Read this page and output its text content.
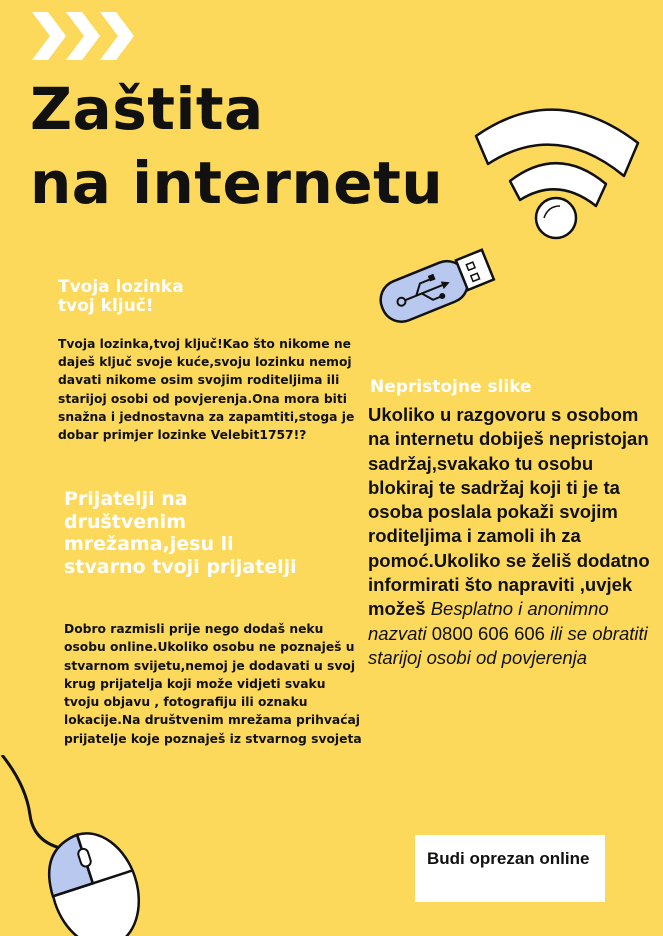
Zaštita
na internetu
Tvoja lozinka tvoj ključ!

Tvoja lozinka,tvoj ključ!Kao što nikome ne daješ ključ svoje kuće,svoju lozinku nemoj davati nikome osim svojim roditeljima ili starijoj osobi od povjerenja.Ona mora biti snažna i jednostavna za zapamtiti,stoga je dobar primjer lozinke Velebit1757!?

Prijatelji na društvenim mrežama,jesu li stvarno tvoji prijatelji

Dobro razmisli prije nego dodaš neku osobu online.Ukoliko osobu ne poznaješ u stvarnom svijetu,nemoj je dodavati u svoj krug prijatelja koji može vidjeti svaku tvoju objavu , fotografiju ili oznaku lokacije.Na društvenim mrežama prihvaćaj prijatelje koje poznaješ iz stvarnog svojeta

Nepristojne slike

Ukoliko u razgovoru s osobom na internetu dobiješ nepristojan sadržaj,svakako tu osobu blokiraj te sadržaj koji ti je ta osoba poslala pokaži svojim roditeljima i zamoli ih za pomoć.Ukoliko se želiš dodatno informirati što napraviti ,uvjek možeš Besplatno i anonimno nazvati 0800 606 606 ili se obratiti starijoj osobi od povjerenja

Budi oprezan online
